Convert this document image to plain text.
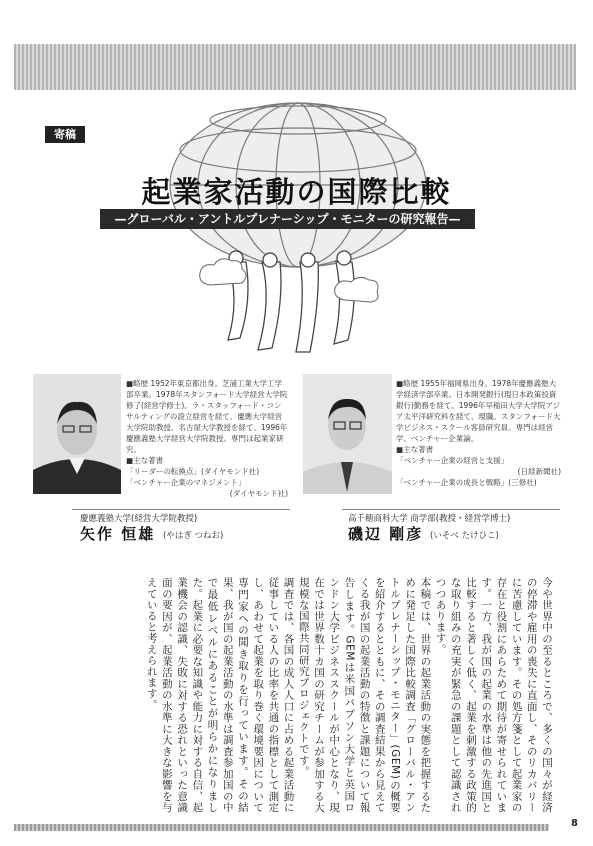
寄稿
起業家活動の国際比較
—グローバル・アントルプレナーシップ・モニターの研究報告—

■略歴 1952年東京都出身。芝浦工業大学工学部卒業。1978年スタンフォード大学経営大学院修了(経営学修士)。ラ・スタッフォード・コンサルティングの設立経営を経て、慶應大学経営大学院助教授、名古屋大学教授を経て、1996年慶應義塾大学経営大学院教授。専門は起業家研究。

■主な著書

「リーダーの転換点」(ダイヤモンド社)

「ベンチャー企業のマネジメント」

(ダイヤモンド社)

慶應義塾大学(経営大学院教授)
矢作 恒雄 (やはぎ つねお)

■略歴 1955年福岡県出身。1978年慶應義塾大学経済学部卒業。日本開発銀行(現日本政策投資銀行)勤務を経て、1996年早稲田大学大学院アジア太平洋研究科を経て、現職。スタンフォード大学ビジネス・スクール客員研究員。専門は経営学、ベンチャー企業論。

■主な著書

「ベンチャー企業の経営と支援」

(日経新聞社)

「ベンチャー企業の成長と戦略」(三修社)

高千穂商科大学 商学部(教授・経営学博士)
磯辺 剛彦 (いそべ たけひこ)

今や世界中の至るところで、多くの国々が経済の停滞や雇用の喪失に直面し、そのリカバリーに苦慮しています。その処方箋として起業家の存在と役割にあらためて期待が寄せられています。一方、我が国の起業の水準は他の先進国と比較すると著しく低く、起業を刺激する政策的な取り組みの充実が緊急の課題として認識されつつあります。

本稿では、世界の起業活動の実態を把握するために発足した国際比較調査「グローバル・アントルプレナーシップ・モニター」(GEM)の概要を紹介するとともに、その調査結果から見えてくる我が国の起業活動の特徴と課題について報告します。GEMは米国バブソン大学と英国ロンドン大学ビジネススクールが中心となり、現在では世界数十カ国の研究チームが参加する大規模な国際共同研究プロジェクトです。

調査では、各国の成人人口に占める起業活動に従事している人の比率を共通の指標として測定し、あわせて起業を取り巻く環境要因について専門家への聞き取りを行っています。その結果、我が国の起業活動の水準は調査参加国の中で最低レベルにあることが明らかになりました。起業に必要な知識や能力に対する自信、起業機会の認識、失敗に対する恐れといった意識面の要因が、起業活動の水準に大きな影響を与えていると考えられます。

8
